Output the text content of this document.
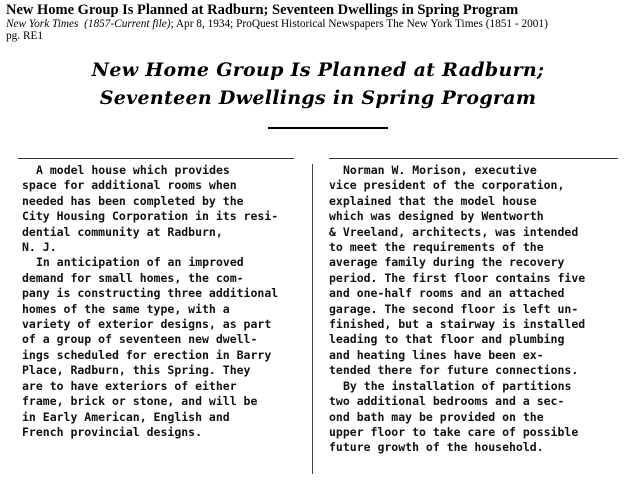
New Home Group Is Planned at Radburn; Seventeen Dwellings in Spring Program
New York Times (1857-Current file); Apr 8, 1934; ProQuest Historical Newspapers The New York Times (1851 - 2001)
pg. RE1
New Home Group Is Planned at Radburn;
Seventeen Dwellings in Spring Program
A model house which provides
space for additional rooms when
needed has been completed by the
City Housing Corporation in its resi-
dential community at Radburn,
N. J.
In anticipation of an improved
demand for small homes, the com-
pany is constructing three additional
homes of the same type, with a
variety of exterior designs, as part
of a group of seventeen new dwell-
ings scheduled for erection in Barry
Place, Radburn, this Spring. They
are to have exteriors of either
frame, brick or stone, and will be
in Early American, English and
French provincial designs.
Norman W. Morison, executive
vice president of the corporation,
explained that the model house
which was designed by Wentworth
& Vreeland, architects, was intended
to meet the requirements of the
average family during the recovery
period. The first floor contains five
and one-half rooms and an attached
garage. The second floor is left un-
finished, but a stairway is installed
leading to that floor and plumbing
and heating lines have been ex-
tended there for future connections.
By the installation of partitions
two additional bedrooms and a sec-
ond bath may be provided on the
upper floor to take care of possible
future growth of the household.
